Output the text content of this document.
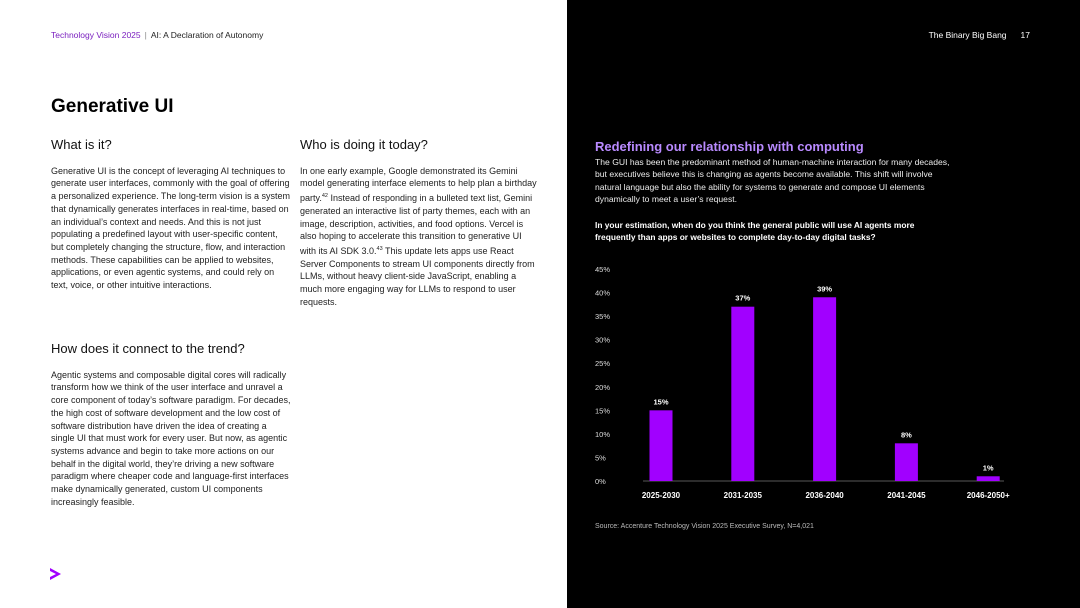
Technology Vision 2025 | AI: A Declaration of Autonomy
Generative UI
What is it?

Generative UI is the concept of leveraging AI techniques to generate user interfaces, commonly with the goal of offering a personalized experience. The long-term vision is a system that dynamically generates interfaces in real-time, based on an individual’s context and needs. And this is not just populating a predefined layout with user-specific content, but completely changing the structure, flow, and interaction methods. These capabilities can be applied to websites, applications, or even agentic systems, and could rely on text, voice, or other intuitive interactions.

Who is doing it today?

In one early example, Google demonstrated its Gemini model generating interface elements to help plan a birthday party.$^{42}$ Instead of responding in a bulleted text list, Gemini generated an interactive list of party themes, each with an image, description, activities, and food options. Vercel is also hoping to accelerate this transition to generative UI with its AI SDK 3.0.43 This update lets apps use React Server Components to stream UI components directly from LLMs, without heavy client-side JavaScript, enabling a much more engaging way for LLMs to respond to user requests.

How does it connect to the trend?

Agentic systems and composable digital cores will radically transform how we think of the user interface and unravel a core component of today’s software paradigm. For decades, the high cost of software development and the low cost of software distribution have driven the idea of creating a single UI that must work for every user. But now, as agentic systems advance and begin to take more actions on our behalf in the digital world, they’re driving a new software paradigm where cheaper code and language-first interfaces make dynamically generated, custom UI components increasingly feasible.

The Binary Big Bang 17
Redefining our relationship with computing

The GUI has been the predominant method of human-machine interaction for many decades, but executives believe this is changing as agents become available. This shift will involve natural language but also the ability for systems to generate and compose UI elements dynamically to meet a user’s request.

In your estimation, when do you think the general public will use AI agents more frequently than apps or websites to complete day-to-day digital tasks?

0%
5%
10%
15%
20%
25%
30%
35%
40%
45%
15%
2025-2030
37%
2031-2035
39%
2036-2040
8%
2041-2045
1%
2046-2050+

Source: Accenture Technology Vision 2025 Executive Survey, N=4,021
